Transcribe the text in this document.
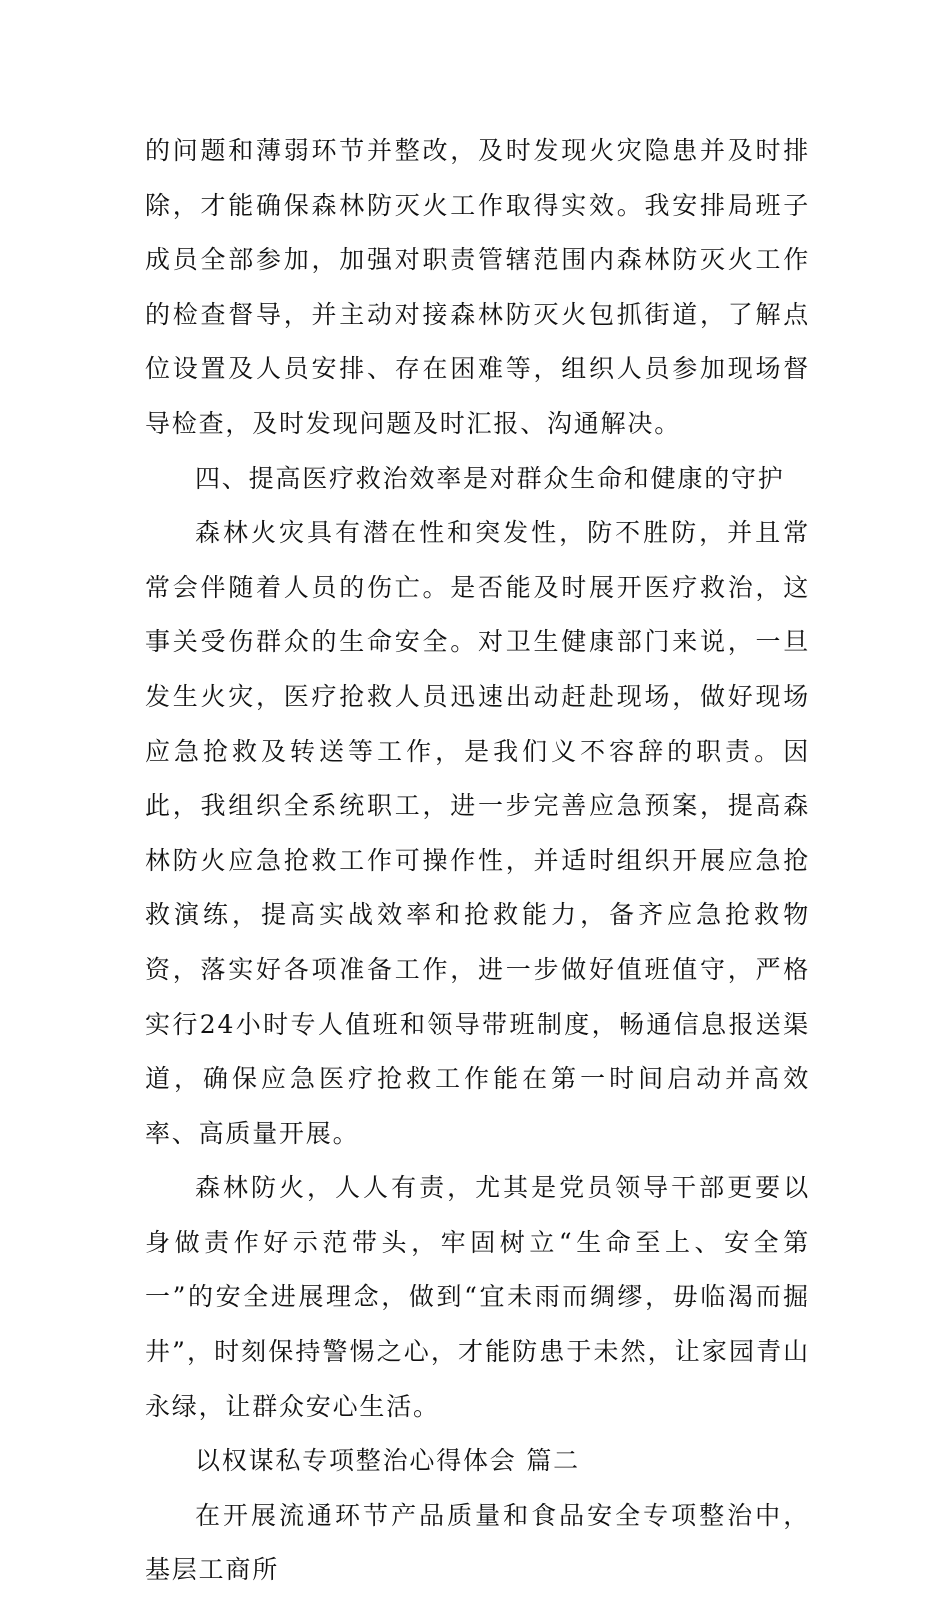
的问题和薄弱环节并整改，及时发现火灾隐患并及时排除，才能确保森林防灭火工作取得实效。我安排局班子成员全部参加，加强对职责管辖范围内森林防灭火工作的检查督导，并主动对接森林防灭火包抓街道，了解点位设置及人员安排、存在困难等，组织人员参加现场督导检查，及时发现问题及时汇报、沟通解决。

四、提高医疗救治效率是对群众生命和健康的守护

森林火灾具有潜在性和突发性，防不胜防，并且常常会伴随着人员的伤亡。是否能及时展开医疗救治，这事关受伤群众的生命安全。对卫生健康部门来说，一旦发生火灾，医疗抢救人员迅速出动赶赴现场，做好现场应急抢救及转送等工作，是我们义不容辞的职责。因此，我组织全系统职工，进一步完善应急预案，提高森林防火应急抢救工作可操作性，并适时组织开展应急抢救演练，提高实战效率和抢救能力，备齐应急抢救物资，落实好各项准备工作，进一步做好值班值守，严格实行24小时专人值班和领导带班制度，畅通信息报送渠道，确保应急医疗抢救工作能在第一时间启动并高效率、高质量开展。

森林防火，人人有责，尤其是党员领导干部更要以身做责作好示范带头，牢固树立“生命至上、安全第一”的安全进展理念，做到“宜未雨而绸缪，毋临渴而掘井”，时刻保持警惕之心，才能防患于未然，让家园青山永绿，让群众安心生活。

以权谋私专项整治心得体会 篇二

在开展流通环节产品质量和食品安全专项整治中，基层工商所
